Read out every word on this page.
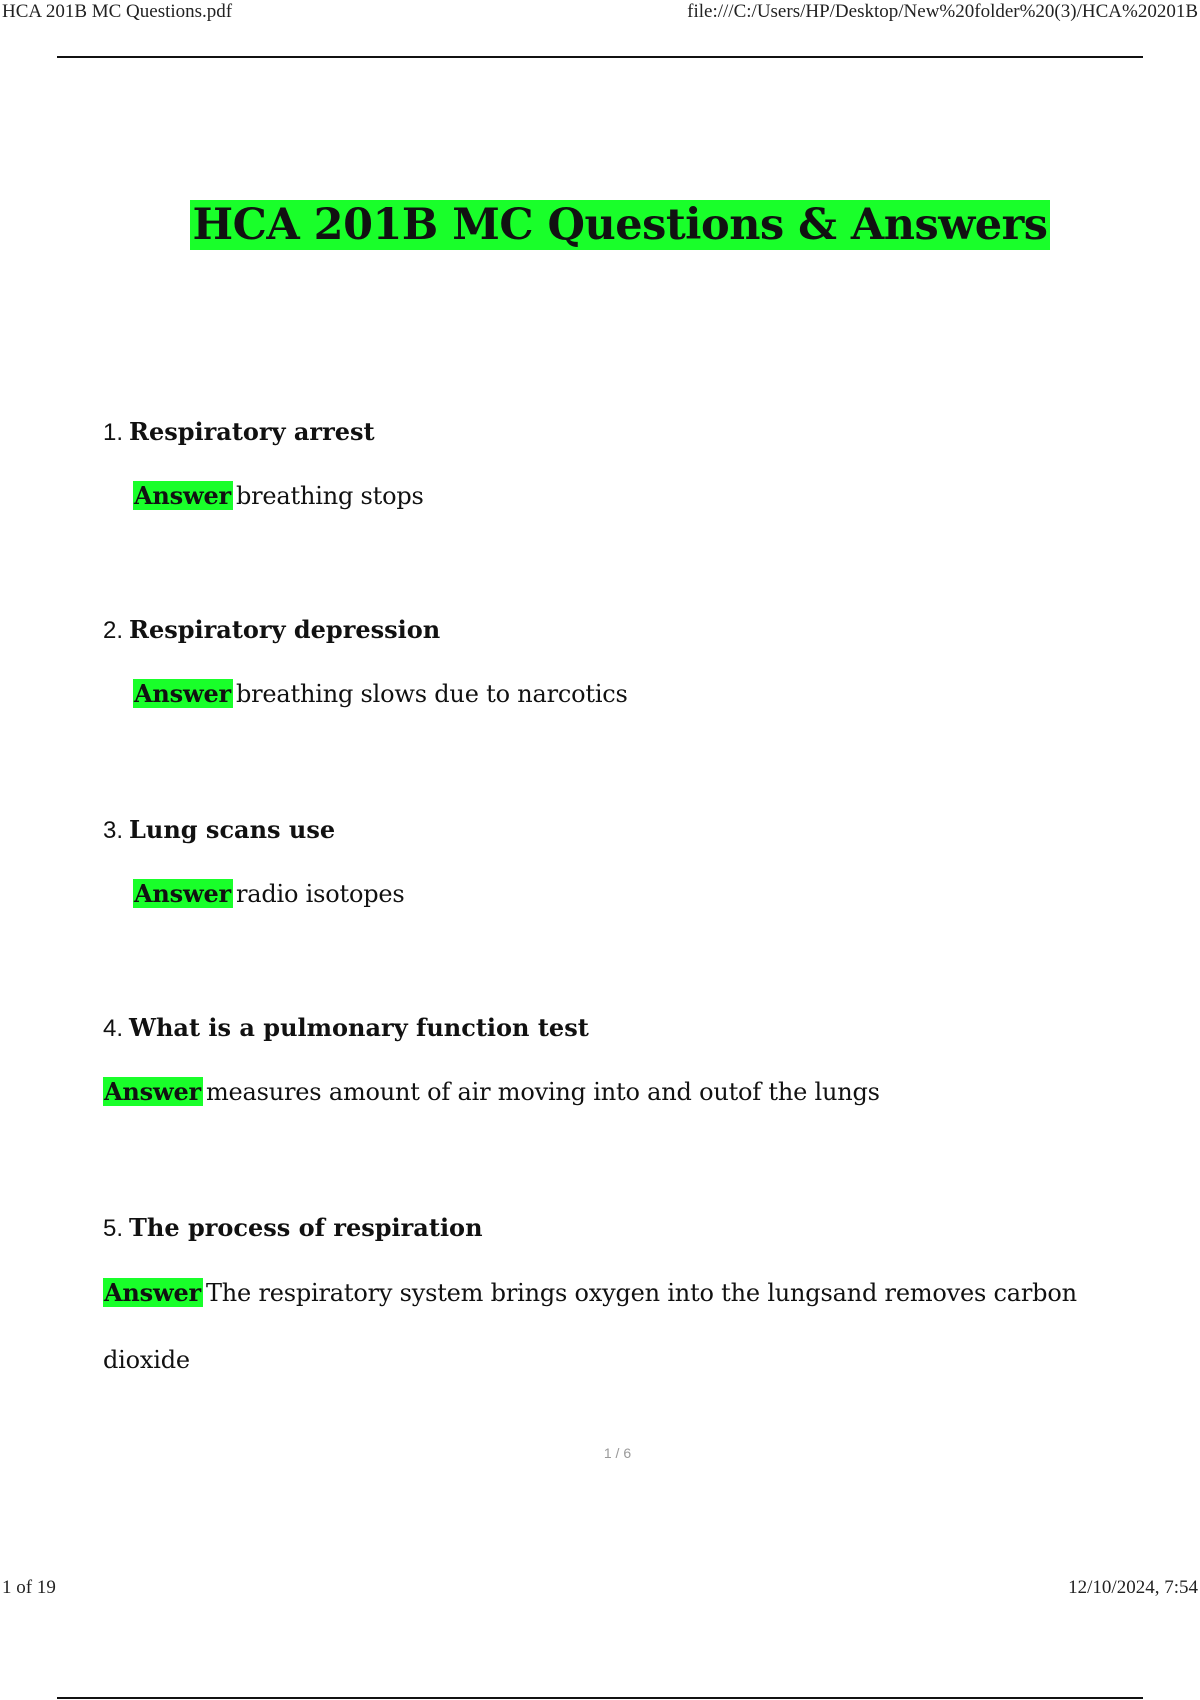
HCA 201B MC Questions.pdf	file:///C:/Users/HP/Desktop/New%20folder%20(3)/HCA%20201B
HCA 201B MC Questions & Answers
1. Respiratory arrest
Answer breathing stops
2. Respiratory depression
Answer breathing slows due to narcotics
3. Lung scans use
Answer radio isotopes
4. What is a pulmonary function test
Answer measures amount of air moving into and outof the lungs
5. The process of respiration
Answer The respiratory system brings oxygen into the lungsand removes carbon dioxide
1 / 6
1 of 19	12/10/2024, 7:54
